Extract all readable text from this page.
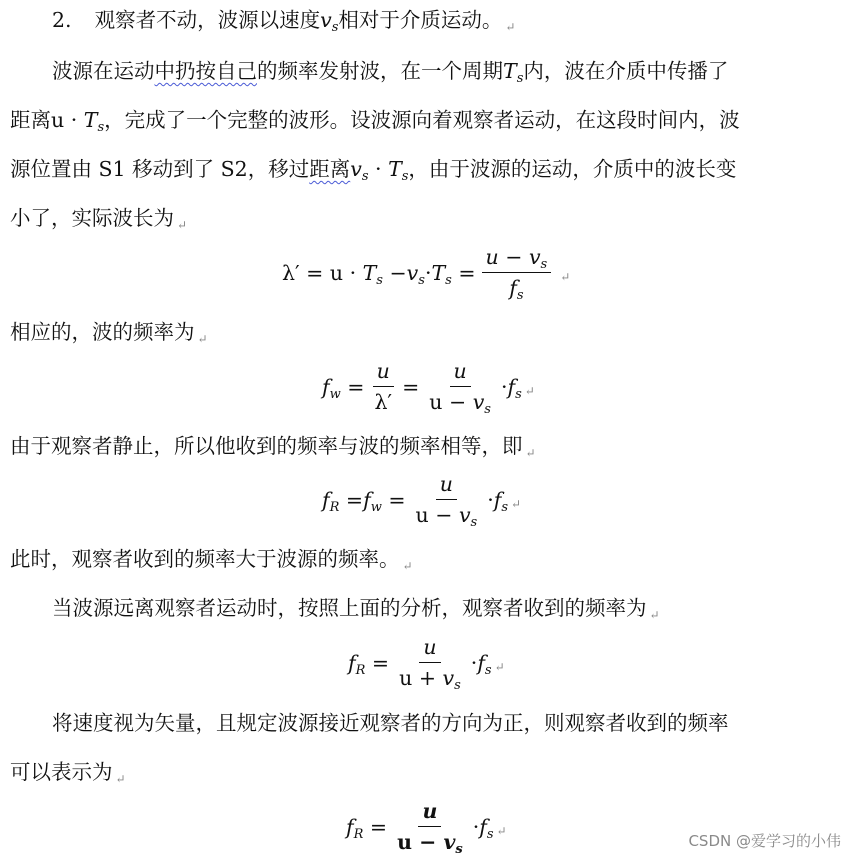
2. 观察者不动，波源以速度$v_s$相对于介质运动。 ↵
波源在运动中扔按自己的频率发射波，在一个周期$T_s$内，波在介质中传播了
距离$u \cdot T_s$，完成了一个完整的波形。设波源向着观察者运动，在这段时间内，波
源位置由 S1 移动到了 S2，移过距离$v_s \cdot T_s$，由于波源的运动，介质中的波长变
小了，实际波长为 ↵
$\lambda' = u \cdot T_s - v_s \cdot T_s = \frac{u - v_s}{f_s}$ ↵
相应的，波的频率为 ↵
$f_w = \frac{u}{\lambda'} = \frac{u}{u - v_s} \cdot f_s$ ↵
由于观察者静止，所以他收到的频率与波的频率相等，即 ↵
$f_R = f_w = \frac{u}{u - v_s} \cdot f_s$ ↵
此时，观察者收到的频率大于波源的频率。 ↵
当波源远离观察者运动时，按照上面的分析，观察者收到的频率为 ↵
$f_R = \frac{u}{u + v_s} \cdot f_s$ ↵
将速度视为矢量，且规定波源接近观察者的方向为正，则观察者收到的频率
可以表示为 ↵
$f_R = \frac{u}{u - v_s} \cdot f_s$ ↵
CSDN @爱学习的小伟
